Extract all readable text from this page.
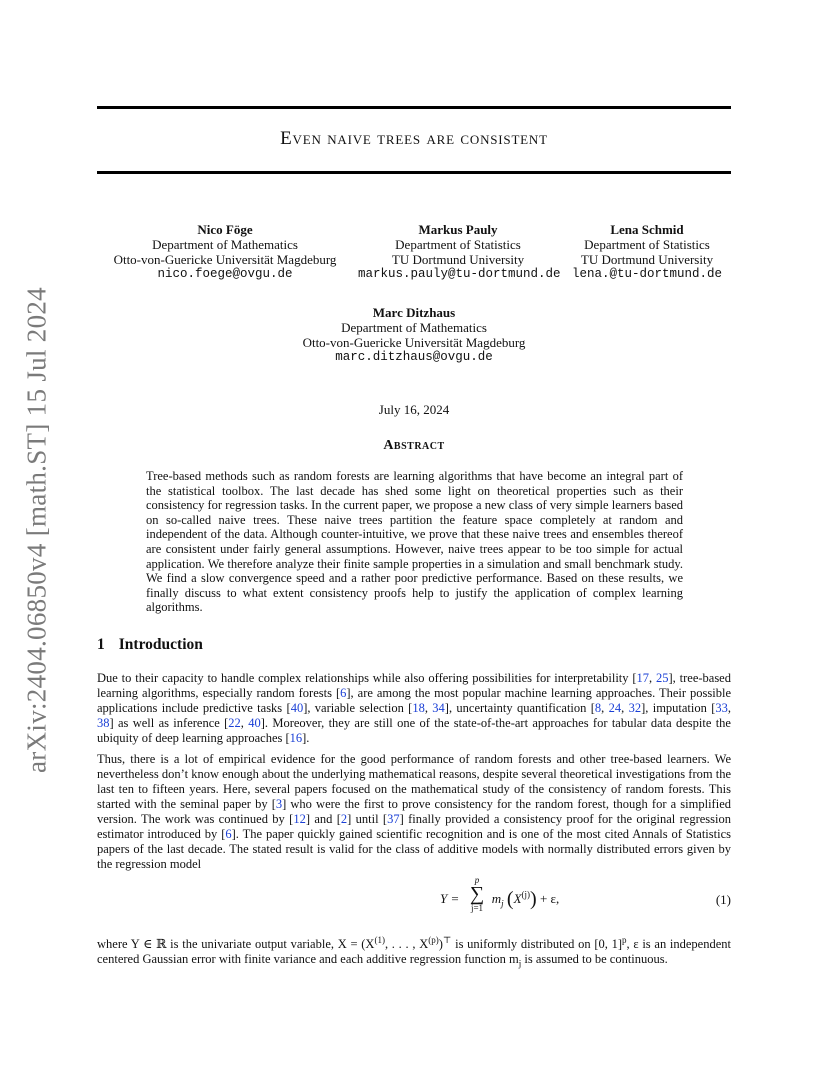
arXiv:2404.06850v4 [math.ST] 15 Jul 2024
Even naive trees are consistent
Nico Föge
Department of Mathematics
Otto-von-Guericke Universität Magdeburg
nico.foege@ovgu.de
Markus Pauly
Department of Statistics
TU Dortmund University
markus.pauly@tu-dortmund.de
Lena Schmid
Department of Statistics
TU Dortmund University
lena.@tu-dortmund.de
Marc Ditzhaus
Department of Mathematics
Otto-von-Guericke Universität Magdeburg
marc.ditzhaus@ovgu.de
July 16, 2024
Abstract
Tree-based methods such as random forests are learning algorithms that have become an integral part of the statistical toolbox. The last decade has shed some light on theoretical properties such as their consistency for regression tasks. In the current paper, we propose a new class of very simple learners based on so-called naive trees. These naive trees partition the feature space completely at random and independent of the data. Although counter-intuitive, we prove that these naive trees and ensembles thereof are consistent under fairly general assumptions. However, naive trees appear to be too simple for actual application. We therefore analyze their finite sample properties in a simulation and small benchmark study. We find a slow convergence speed and a rather poor predictive performance. Based on these results, we finally discuss to what extent consistency proofs help to justify the application of complex learning algorithms.
1 Introduction
Due to their capacity to handle complex relationships while also offering possibilities for interpretability [17, 25], tree-based learning algorithms, especially random forests [6], are among the most popular machine learning approaches. Their possible applications include predictive tasks [40], variable selection [18, 34], uncertainty quantification [8, 24, 32], imputation [33, 38] as well as inference [22, 40]. Moreover, they are still one of the state-of-the-art approaches for tabular data despite the ubiquity of deep learning approaches [16].
Thus, there is a lot of empirical evidence for the good performance of random forests and other tree-based learners. We nevertheless don’t know enough about the underlying mathematical reasons, despite several theoretical investigations from the last ten to fifteen years. Here, several papers focused on the mathematical study of the consistency of random forests. This started with the seminal paper by [3] who were the first to prove consistency for the random forest, though for a simplified version. The work was continued by [12] and [2] until [37] finally provided a consistency proof for the original regression estimator introduced by [6]. The paper quickly gained scientific recognition and is one of the most cited Annals of Statistics papers of the last decade. The stated result is valid for the class of additive models with normally distributed errors given by the regression model
Y =	$m_j$ $(X^{(j)}) + \varepsilon$,
p
∑
j=1
(1)
where Y ∈ ℝ is the univariate output variable, $X = (X^{(1)}$, . . . , $X^{(p)})^⊤$ is uniformly distributed on [0, 1]$^p$, ε is an independent centered Gaussian error with finite variance and each additive regression function $m_j$ is assumed to be continuous.
